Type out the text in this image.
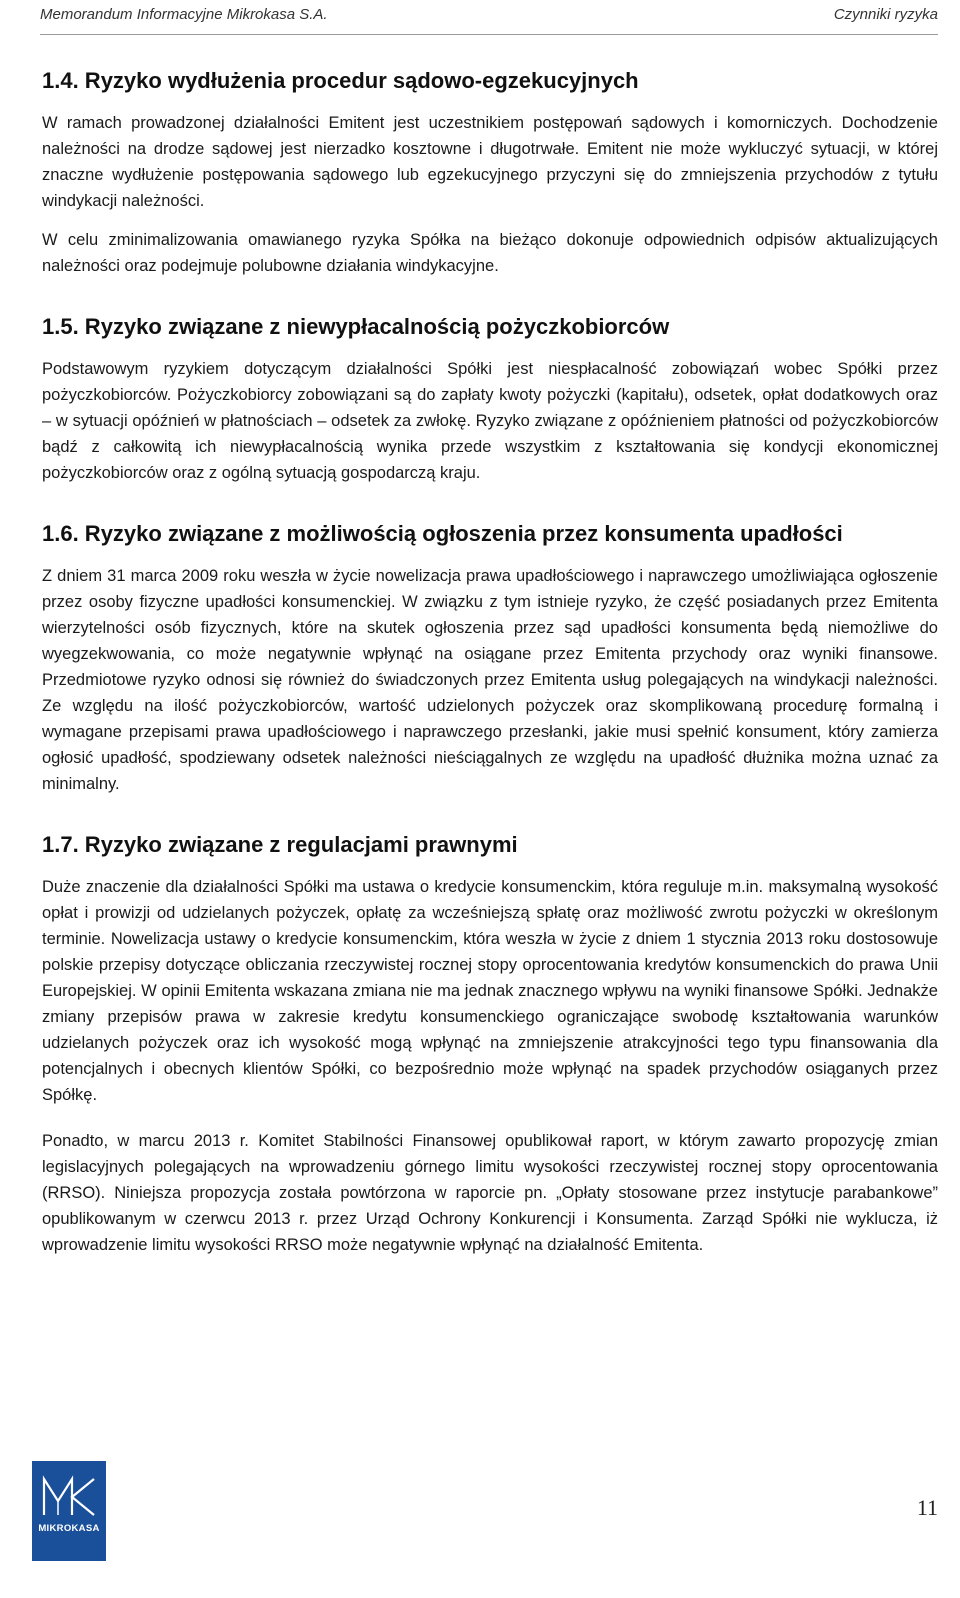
Memorandum Informacyjne Mikrokasa S.A.	Czynniki ryzyka
1.4. Ryzyko wydłużenia procedur sądowo-egzekucyjnych

W ramach prowadzonej działalności Emitent jest uczestnikiem postępowań sądowych i komorniczych. Dochodzenie należności na drodze sądowej jest nierzadko kosztowne i długotrwałe. Emitent nie może wykluczyć sytuacji, w której znaczne wydłużenie postępowania sądowego lub egzekucyjnego przyczyni się do zmniejszenia przychodów z tytułu windykacji należności.

W celu zminimalizowania omawianego ryzyka Spółka na bieżąco dokonuje odpowiednich odpisów aktualizujących należności oraz podejmuje polubowne działania windykacyjne.

1.5. Ryzyko związane z niewypłacalnością pożyczkobiorców

Podstawowym ryzykiem dotyczącym działalności Spółki jest niespłacalność zobowiązań wobec Spółki przez pożyczkobiorców. Pożyczkobiorcy zobowiązani są do zapłaty kwoty pożyczki (kapitału), odsetek, opłat dodatkowych oraz – w sytuacji opóźnień w płatnościach – odsetek za zwłokę. Ryzyko związane z opóźnieniem płatności od pożyczkobiorców bądź z całkowitą ich niewypłacalnością wynika przede wszystkim z kształtowania się kondycji ekonomicznej pożyczkobiorców oraz z ogólną sytuacją gospodarczą kraju.

1.6. Ryzyko związane z możliwością ogłoszenia przez konsumenta upadłości

Z dniem 31 marca 2009 roku weszła w życie nowelizacja prawa upadłościowego i naprawczego umożliwiająca ogłoszenie przez osoby fizyczne upadłości konsumenckiej. W związku z tym istnieje ryzyko, że część posiadanych przez Emitenta wierzytelności osób fizycznych, które na skutek ogłoszenia przez sąd upadłości konsumenta będą niemożliwe do wyegzekwowania, co może negatywnie wpłynąć na osiągane przez Emitenta przychody oraz wyniki finansowe. Przedmiotowe ryzyko odnosi się również do świadczonych przez Emitenta usług polegających na windykacji należności. Ze względu na ilość pożyczkobiorców, wartość udzielonych pożyczek oraz skomplikowaną procedurę formalną i wymagane przepisami prawa upadłościowego i naprawczego przesłanki, jakie musi spełnić konsument, który zamierza ogłosić upadłość, spodziewany odsetek należności nieściągalnych ze względu na upadłość dłużnika można uznać za minimalny.

1.7. Ryzyko związane z regulacjami prawnymi

Duże znaczenie dla działalności Spółki ma ustawa o kredycie konsumenckim, która reguluje m.in. maksymalną wysokość opłat i prowizji od udzielanych pożyczek, opłatę za wcześniejszą spłatę oraz możliwość zwrotu pożyczki w określonym terminie. Nowelizacja ustawy o kredycie konsumenckim, która weszła w życie z dniem 1 stycznia 2013 roku dostosowuje polskie przepisy dotyczące obliczania rzeczywistej rocznej stopy oprocentowania kredytów konsumenckich do prawa Unii Europejskiej. W opinii Emitenta wskazana zmiana nie ma jednak znacznego wpływu na wyniki finansowe Spółki. Jednakże zmiany przepisów prawa w zakresie kredytu konsumenckiego ograniczające swobodę kształtowania warunków udzielanych pożyczek oraz ich wysokość mogą wpłynąć na zmniejszenie atrakcyjności tego typu finansowania dla potencjalnych i obecnych klientów Spółki, co bezpośrednio może wpłynąć na spadek przychodów osiąganych przez Spółkę.

Ponadto, w marcu 2013 r. Komitet Stabilności Finansowej opublikował raport, w którym zawarto propozycję zmian legislacyjnych polegających na wprowadzeniu górnego limitu wysokości rzeczywistej rocznej stopy oprocentowania (RRSO). Niniejsza propozycja została powtórzona w raporcie pn. „Opłaty stosowane przez instytucje parabankowe” opublikowanym w czerwcu 2013 r. przez Urząd Ochrony Konkurencji i Konsumenta. Zarząd Spółki nie wyklucza, iż wprowadzenie limitu wysokości RRSO może negatywnie wpłynąć na działalność Emitenta.

MIKROKASA
11
